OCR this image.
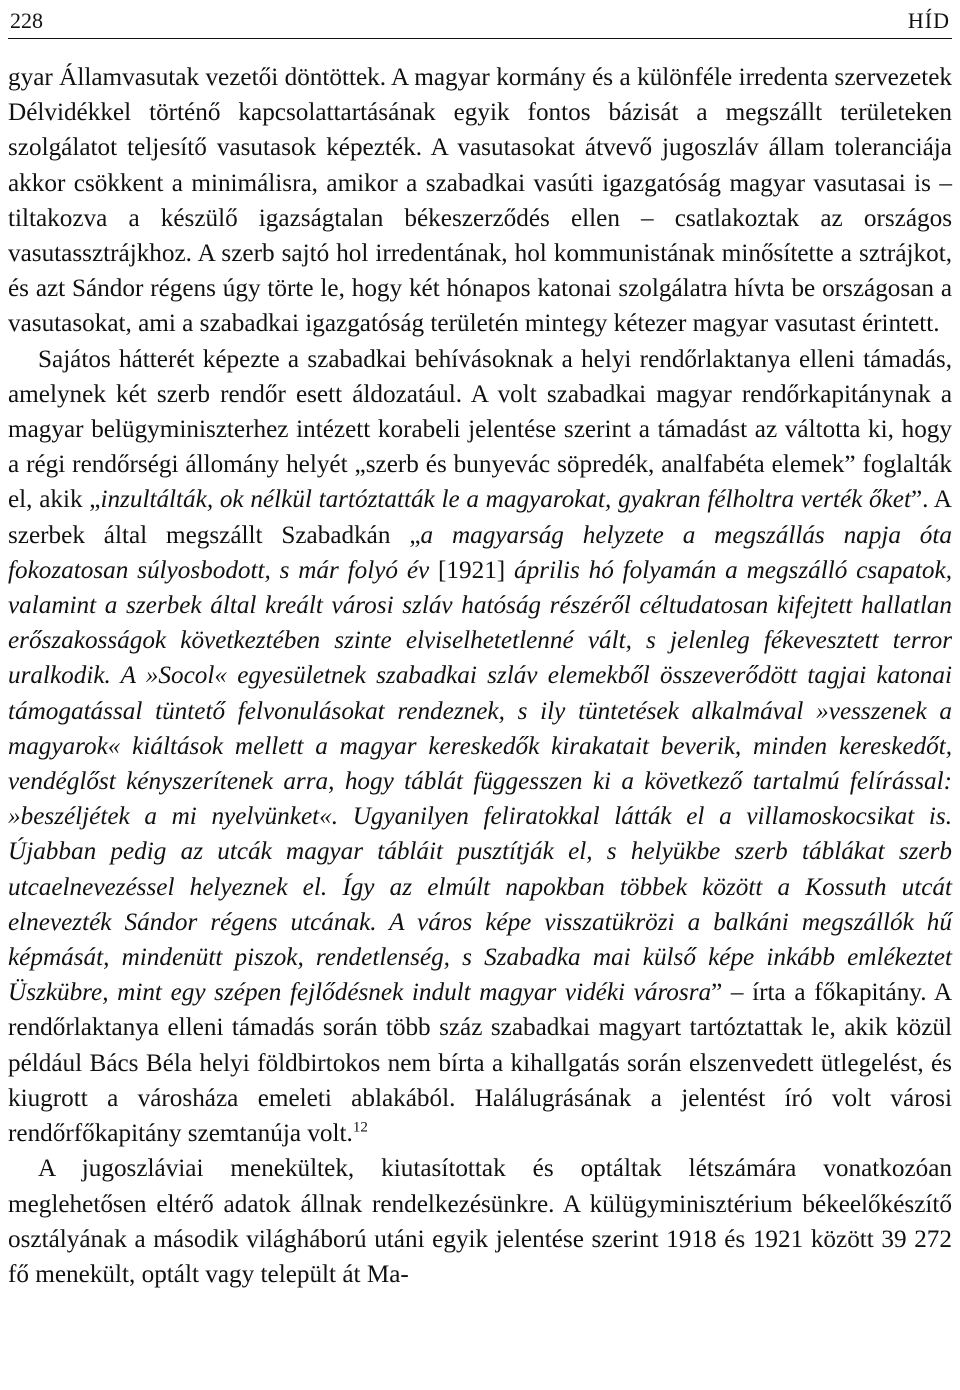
228	HÍD

gyar Államvasutak vezetői döntöttek. A magyar kormány és a különféle irredenta szervezetek Délvidékkel történő kapcsolattartásának egyik fontos bázisát a megszállt területeken szolgálatot teljesítő vasutasok képezték. A vasutasokat átvevő jugoszláv állam toleranciája akkor csökkent a minimálisra, amikor a szabadkai vasúti igazgatóság magyar vasutasai is – tiltakozva a készülő igazságtalan békeszerződés ellen – csatlakoztak az országos vasutassztrájkhoz. A szerb sajtó hol irredentának, hol kommunistának minősítette a sztrájkot, és azt Sándor régens úgy törte le, hogy két hónapos katonai szolgálatra hívta be országosan a vasutasokat, ami a szabadkai igazgatóság területén mintegy kétezer magyar vasutast érintett.

Sajátos hátterét képezte a szabadkai behívásoknak a helyi rendőrlaktanya elleni támadás, amelynek két szerb rendőr esett áldozatául. A volt szabadkai magyar rendőrkapitánynak a magyar belügyminiszterhez intézett korabeli jelentése szerint a támadást az váltotta ki, hogy a régi rendőrségi állomány helyét „szerb és bunyevác söpredék, analfabéta elemek” foglalták el, akik „inzultálták, ok nélkül tartóztatták le a magyarokat, gyakran félholtra verték őket”. A szerbek által megszállt Szabadkán „a magyarság helyzete a megszállás napja óta fokozatosan súlyosbodott, s már folyó év [1921] április hó folyamán a megszálló csapatok, valamint a szerbek által kreált városi szláv hatóság részéről céltudatosan kifejtett hallatlan erőszakosságok következtében szinte elviselhetetlenné vált, s jelenleg fékevesztett terror uralkodik. A »Socol« egyesületnek szabadkai szláv elemekből összeverődött tagjai katonai támogatással tüntető felvonulásokat rendeznek, s ily tüntetések alkalmával »vesszenek a magyarok« kiáltások mellett a magyar kereskedők kirakatait beverik, minden kereskedőt, vendéglőst kényszerítenek arra, hogy táblát függesszen ki a következő tartalmú felírással: »beszéljétek a mi nyelvünket«. Ugyanilyen feliratokkal látták el a villamoskocsikat is. Újabban pedig az utcák magyar tábláit pusztítják el, s helyükbe szerb táblákat szerb utcaelnevezéssel helyeznek el. Így az elmúlt napokban többek között a Kossuth utcát elnevezték Sándor régens utcának. A város képe visszatükrözi a balkáni megszállók hű képmását, mindenütt piszok, rendetlenség, s Szabadka mai külső képe inkább emlékeztet Üszkübre, mint egy szépen fejlődésnek indult magyar vidéki városra” – írta a főkapitány. A rendőrlaktanya elleni támadás során több száz szabadkai magyart tartóztattak le, akik közül például Bács Béla helyi földbirtokos nem bírta a kihallgatás során elszenvedett ütlegelést, és kiugrott a városháza emeleti ablakából. Halálugrásának a jelentést író volt városi rendőrfőkapitány szemtanúja volt.$^{12}$

A jugoszláviai menekültek, kiutasítottak és optáltak létszámára vonatkozóan meglehetősen eltérő adatok állnak rendelkezésünkre. A külügyminisztérium békeelőkészítő osztályának a második világháború utáni egyik jelentése szerint 1918 és 1921 között 39 272 fő menekült, optált vagy települt át Ma-
